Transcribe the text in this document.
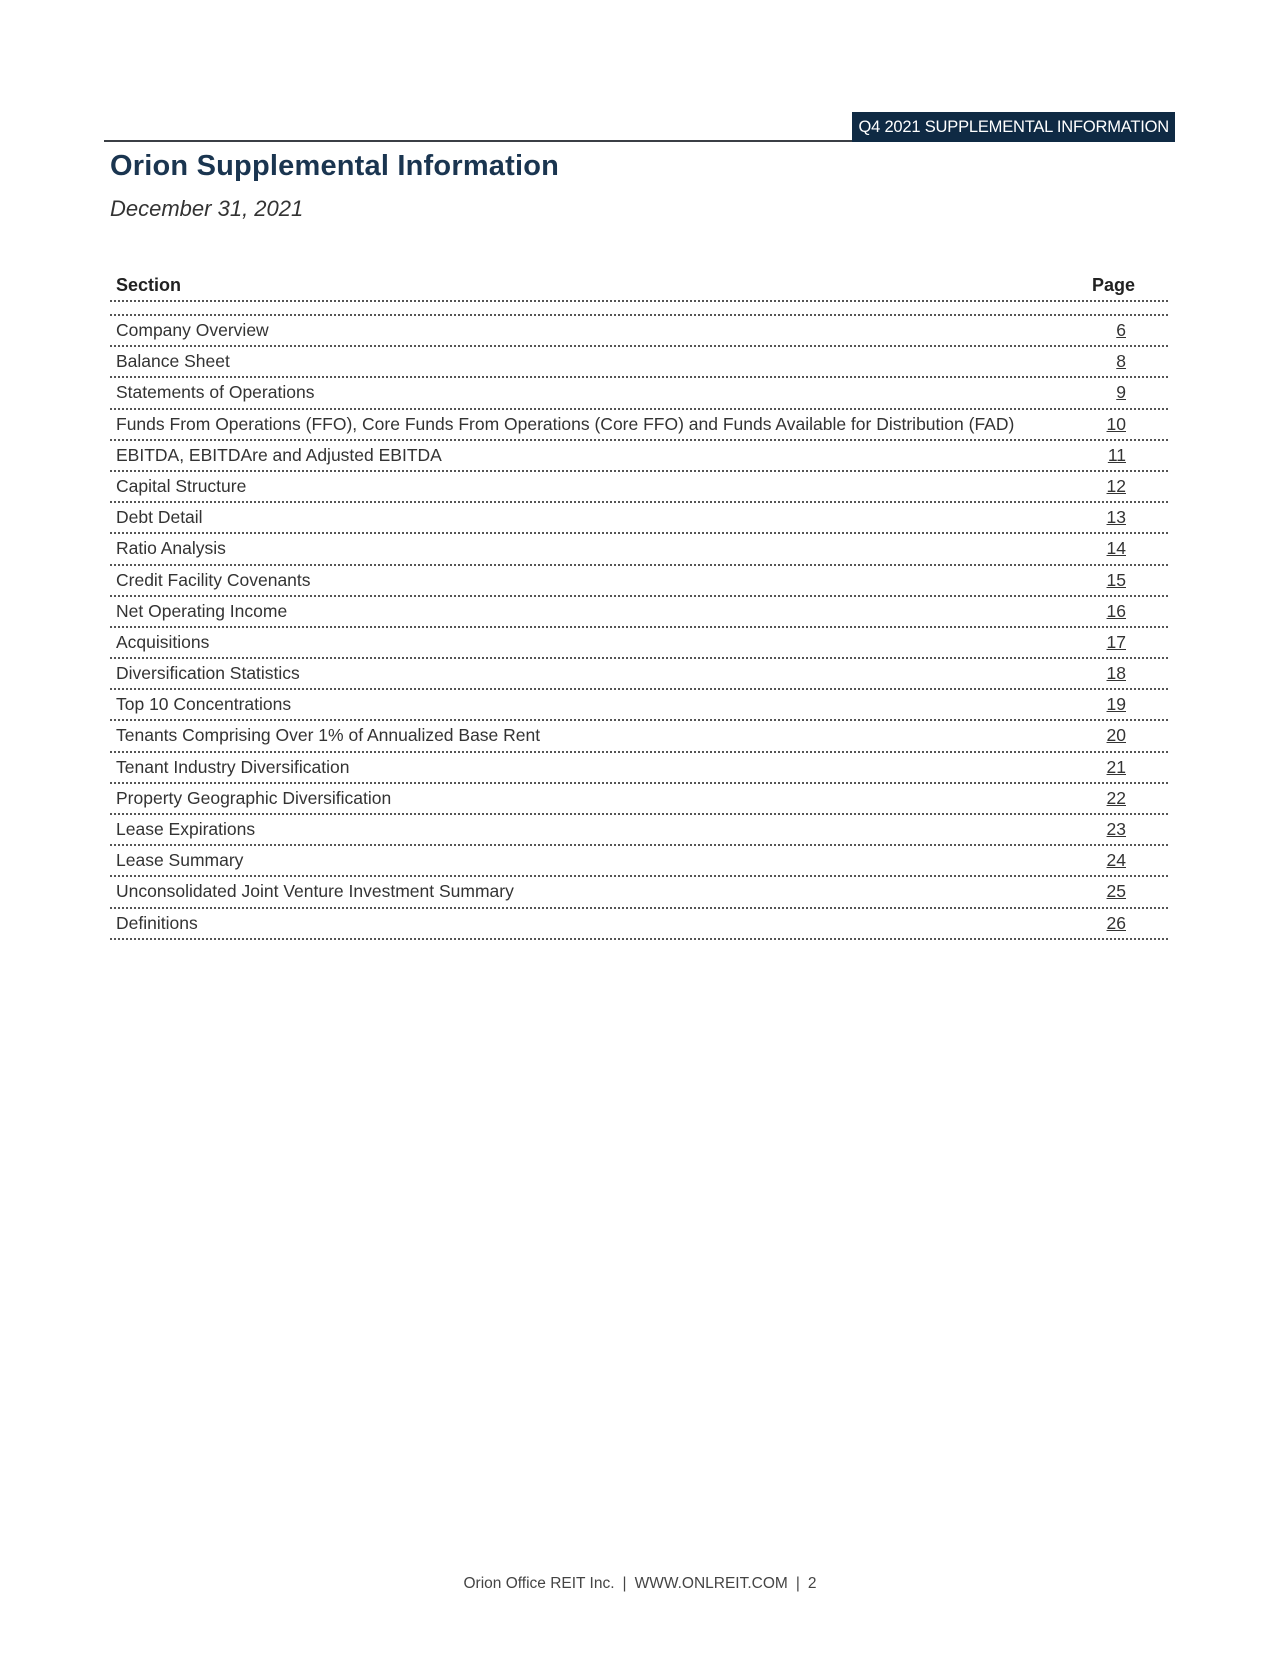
Q4 2021 SUPPLEMENTAL INFORMATION
Orion Supplemental Information
December 31, 2021
Section	Page
Company Overview	6
Balance Sheet	8
Statements of Operations	9
Funds From Operations (FFO), Core Funds From Operations (Core FFO) and Funds Available for Distribution (FAD)	10
EBITDA, EBITDAre and Adjusted EBITDA	11
Capital Structure	12
Debt Detail	13
Ratio Analysis	14
Credit Facility Covenants	15
Net Operating Income	16
Acquisitions	17
Diversification Statistics	18
Top 10 Concentrations	19
Tenants Comprising Over 1% of Annualized Base Rent	20
Tenant Industry Diversification	21
Property Geographic Diversification	22
Lease Expirations	23
Lease Summary	24
Unconsolidated Joint Venture Investment Summary	25
Definitions	26
Orion Office REIT Inc. | WWW.ONLREIT.COM | 2
